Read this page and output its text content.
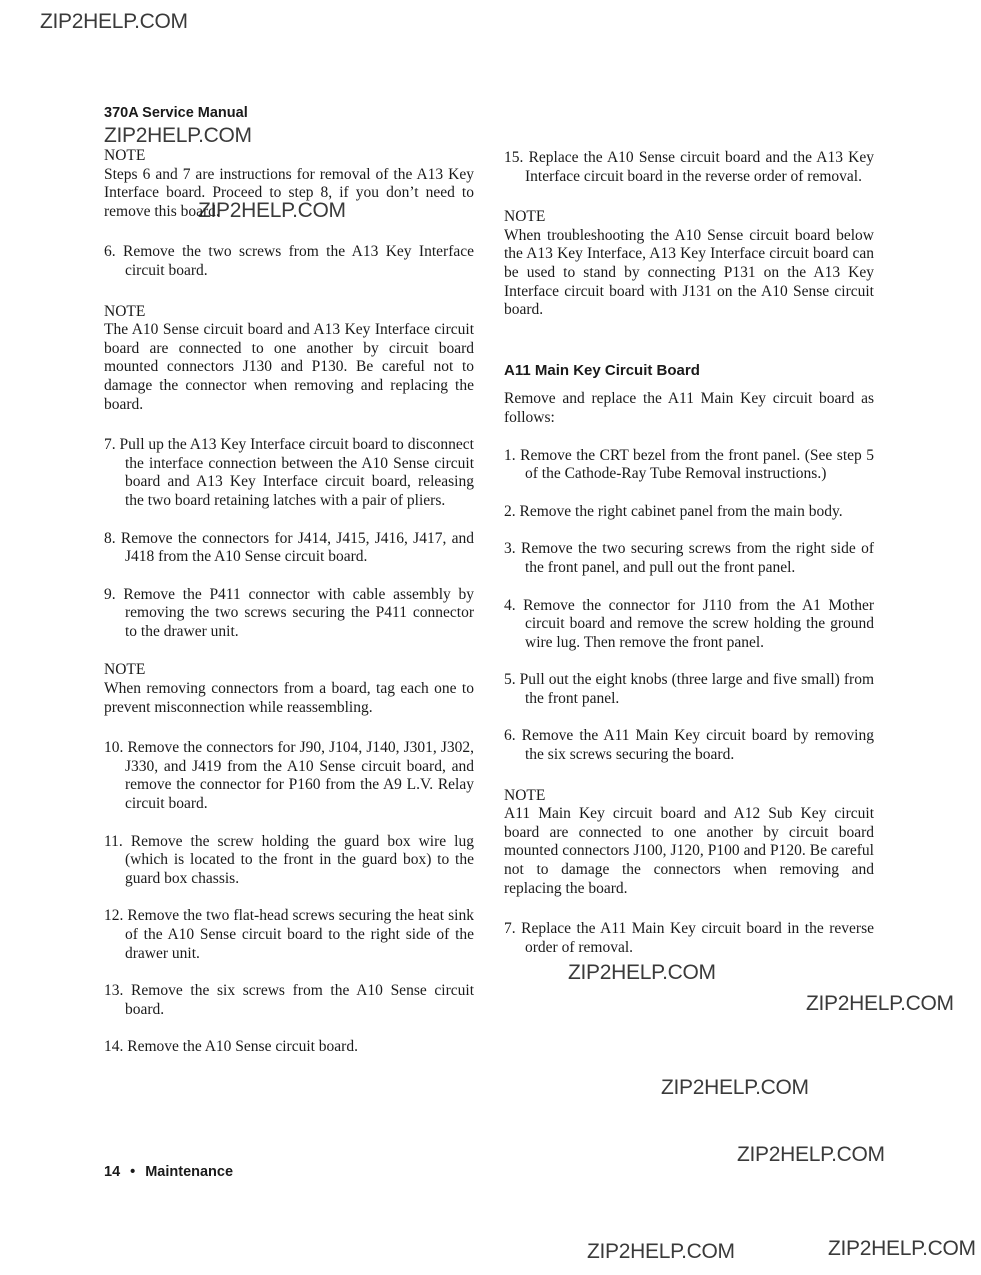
ZIP2HELP.COM
ZIP2HELP.COM
ZIP2HELP.COM
ZIP2HELP.COM
ZIP2HELP.COM
ZIP2HELP.COM
ZIP2HELP.COM
ZIP2HELP.COM	ZIP2HELP.COM
370A Service Manual

NOTE

Steps 6 and 7 are instructions for removal of the A13 Key Interface board. Proceed to step 8, if you don’t need to remove this board.

6. Remove the two screws from the A13 Key Interface circuit board.

NOTE

The A10 Sense circuit board and A13 Key Interface circuit board are connected to one another by circuit board mounted connectors J130 and P130. Be careful not to damage the connector when removing and replacing the board.

7. Pull up the A13 Key Interface circuit board to disconnect the interface connection between the A10 Sense circuit board and A13 Key Interface circuit board, releasing the two board retaining latches with a pair of pliers.

8. Remove the connectors for J414, J415, J416, J417, and J418 from the A10 Sense circuit board.

9. Remove the P411 connector with cable assembly by removing the two screws securing the P411 connector to the drawer unit.

NOTE

When removing connectors from a board, tag each one to prevent misconnection while reassembling.

10. Remove the connectors for J90, J104, J140, J301, J302, J330, and J419 from the A10 Sense circuit board, and remove the connector for P160 from the A9 L.V. Relay circuit board.

11. Remove the screw holding the guard box wire lug (which is located to the front in the guard box) to the guard box chassis.

12. Remove the two flat-head screws securing the heat sink of the A10 Sense circuit board to the right side of the drawer unit.

13. Remove the six screws from the A10 Sense circuit board.

14. Remove the A10 Sense circuit board.

15. Replace the A10 Sense circuit board and the A13 Key Interface circuit board in the reverse order of removal.

NOTE

When troubleshooting the A10 Sense circuit board below the A13 Key Interface, A13 Key Interface circuit board can be used to stand by connecting P131 on the A13 Key Interface circuit board with J131 on the A10 Sense circuit board.

A11 Main Key Circuit Board

Remove and replace the A11 Main Key circuit board as follows:

1. Remove the CRT bezel from the front panel. (See step 5 of the Cathode-Ray Tube Removal instructions.)

2. Remove the right cabinet panel from the main body.

3. Remove the two securing screws from the right side of the front panel, and pull out the front panel.

4. Remove the connector for J110 from the A1 Mother circuit board and remove the screw holding the ground wire lug. Then remove the front panel.

5. Pull out the eight knobs (three large and five small) from the front panel.

6. Remove the A11 Main Key circuit board by removing the six screws securing the board.

NOTE

A11 Main Key circuit board and A12 Sub Key circuit board are connected to one another by circuit board mounted connectors J100, J120, P100 and P120. Be careful not to damage the connectors when removing and replacing the board.

7. Replace the A11 Main Key circuit board in the reverse order of removal.

14 • Maintenance
